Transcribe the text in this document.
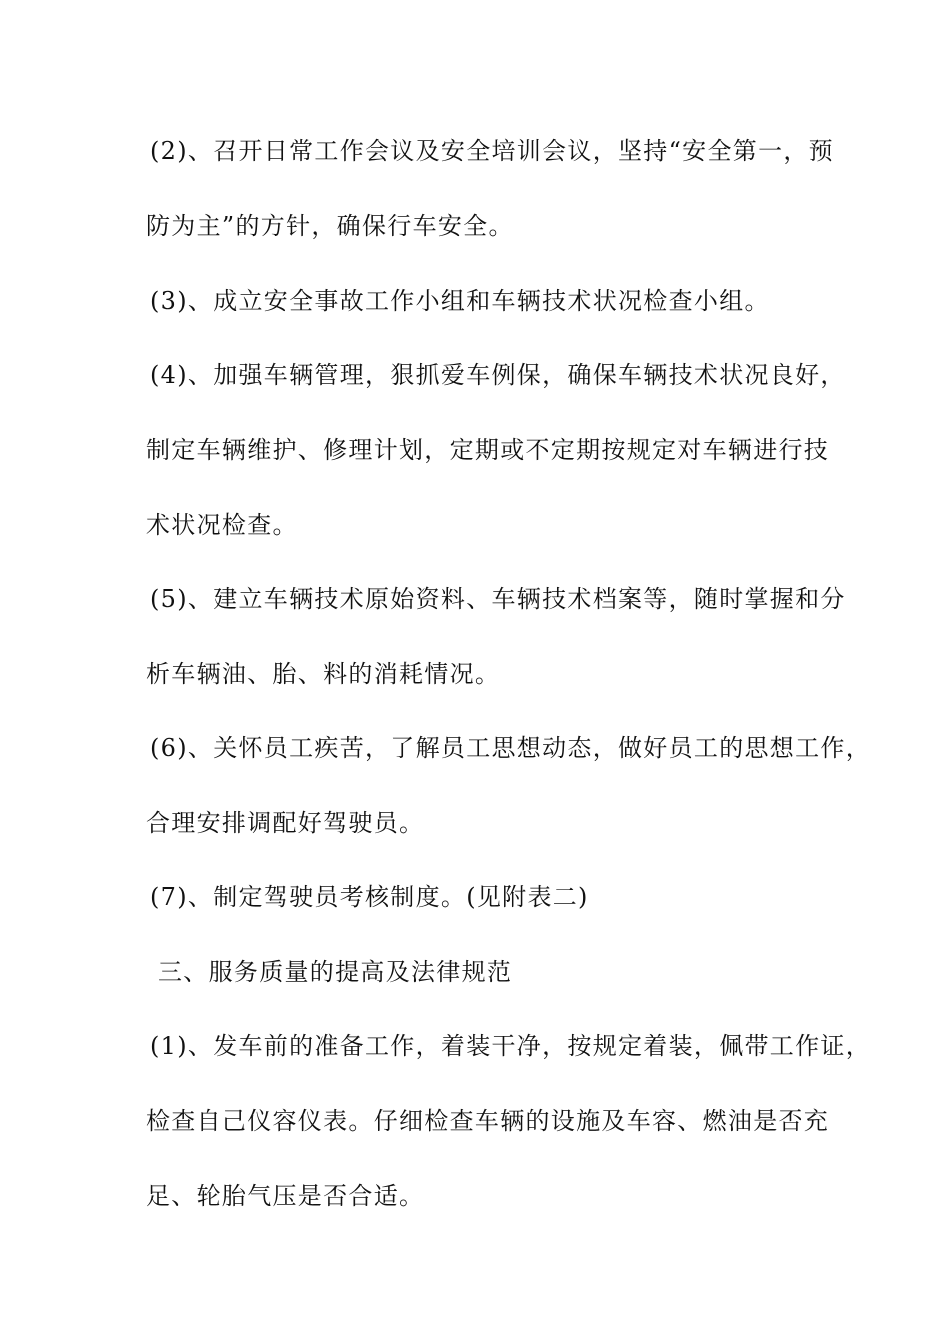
(2)、召开日常工作会议及安全培训会议，坚持“安全第一，预
防为主”的方针，确保行车安全。
(3)、成立安全事故工作小组和车辆技术状况检查小组。
(4)、加强车辆管理，狠抓爱车例保，确保车辆技术状况良好，
制定车辆维护、修理计划，定期或不定期按规定对车辆进行技
术状况检查。
(5)、建立车辆技术原始资料、车辆技术档案等，随时掌握和分
析车辆油、胎、料的消耗情况。
(6)、关怀员工疾苦，了解员工思想动态，做好员工的思想工作，
合理安排调配好驾驶员。
(7)、制定驾驶员考核制度。(见附表二)
三、服务质量的提高及法律规范
(1)、发车前的准备工作，着装干净，按规定着装，佩带工作证，
检查自己仪容仪表。仔细检查车辆的设施及车容、燃油是否充
足、轮胎气压是否合适。
